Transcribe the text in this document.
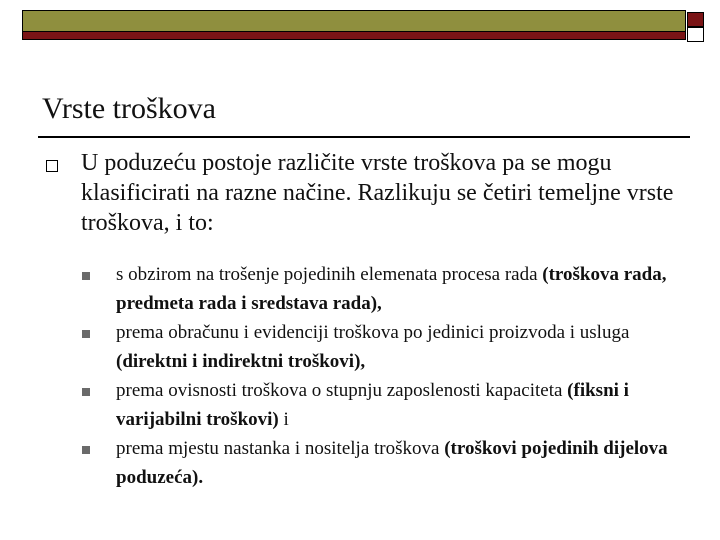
Vrste troškova

U poduzeću postoje različite vrste troškova pa se mogu klasificirati na razne načine. Razlikuju se četiri temeljne vrste troškova, i to:

s obzirom na trošenje pojedinih elemenata procesa rada (troškova rada, predmeta rada i sredstava rada),

prema obračunu i evidenciji troškova po jedinici proizvoda i usluga (direktni i indirektni troškovi),

prema ovisnosti troškova o stupnju zaposlenosti kapaciteta (fiksni i varijabilni troškovi) i

prema mjestu nastanka i nositelja troškova (troškovi pojedinih dijelova poduzeća).
